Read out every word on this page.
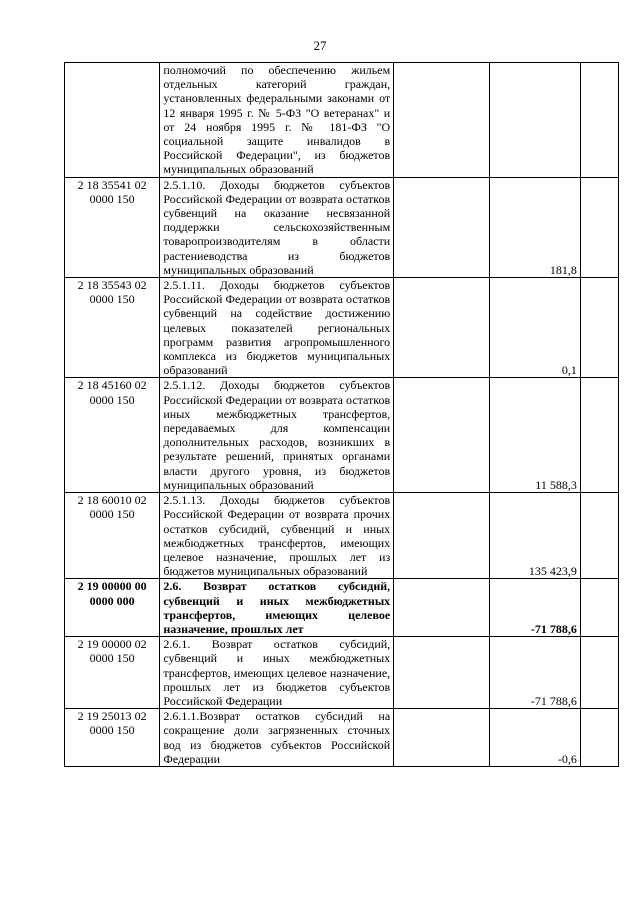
27
	полномочий по обеспечению жильем отдельных категорий граждан, установленных федеральными законами от 12 января 1995 г. № 5-ФЗ "О ветеранах" и от 24 ноября 1995 г. № 181-ФЗ "О социальной защите инвалидов в Российской Федерации", из бюджетов муниципальных образований			
2 18 35541 02 0000 150	2.5.1.10. Доходы бюджетов субъектов Российской Федерации от возврата остатков субвенций на оказание несвязанной поддержки сельскохозяйственным товаропроизводителям в области растениеводства из бюджетов муниципальных образований		181,8	
2 18 35543 02 0000 150	2.5.1.11. Доходы бюджетов субъектов Российской Федерации от возврата остатков субвенций на содействие достижению целевых показателей региональных программ развития агропромышленного комплекса из бюджетов муниципальных образований		0,1	
2 18 45160 02 0000 150	2.5.1.12. Доходы бюджетов субъектов Российской Федерации от возврата остатков иных межбюджетных трансфертов, передаваемых для компенсации дополнительных расходов, возникших в результате решений, принятых органами власти другого уровня, из бюджетов муниципальных образований		11 588,3	
2 18 60010 02 0000 150	2.5.1.13. Доходы бюджетов субъектов Российской Федерации от возврата прочих остатков субсидий, субвенций и иных межбюджетных трансфертов, имеющих целевое назначение, прошлых лет из бюджетов муниципальных образований		135 423,9	
2 19 00000 00 0000 000	2.6. Возврат остатков субсидий, субвенций и иных межбюджетных трансфертов, имеющих целевое назначение, прошлых лет		-71 788,6	
2 19 00000 02 0000 150	2.6.1. Возврат остатков субсидий, субвенций и иных межбюджетных трансфертов, имеющих целевое назначение, прошлых лет из бюджетов субъектов Российской Федерации		-71 788,6	
2 19 25013 02 0000 150	2.6.1.1.Возврат остатков субсидий на сокращение доли загрязненных сточных вод из бюджетов субъектов Российской Федерации		-0,6	
